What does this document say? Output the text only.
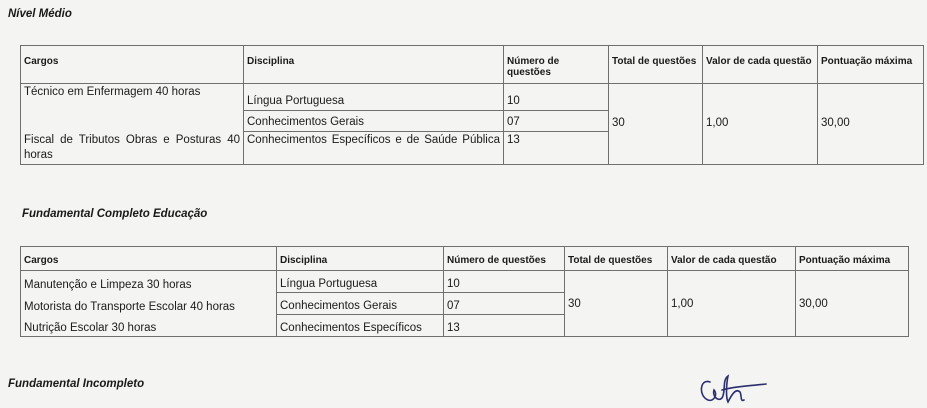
Nível Médio
Cargos	Disciplina	Número de questões	Total de questões	Valor de cada questão	Pontuação máxima
Técnico em Enfermagem 40 horas	Língua Portuguesa	10	30	1,00	30,00
	Conhecimentos Gerais	07			
Fiscal de Tributos Obras e Posturas 40 horas	Conhecimentos Específicos e de Saúde Pública	13			
Fundamental Completo Educação
Cargos	Disciplina	Número de questões	Total de questões	Valor de cada questão	Pontuação máxima
Manutenção e Limpeza 30 horas	Língua Portuguesa	10	30	1,00	30,00
Motorista do Transporte Escolar 40 horas	Conhecimentos Gerais	07			
Nutrição Escolar 30 horas	Conhecimentos Específicos	13			
Fundamental Incompleto
